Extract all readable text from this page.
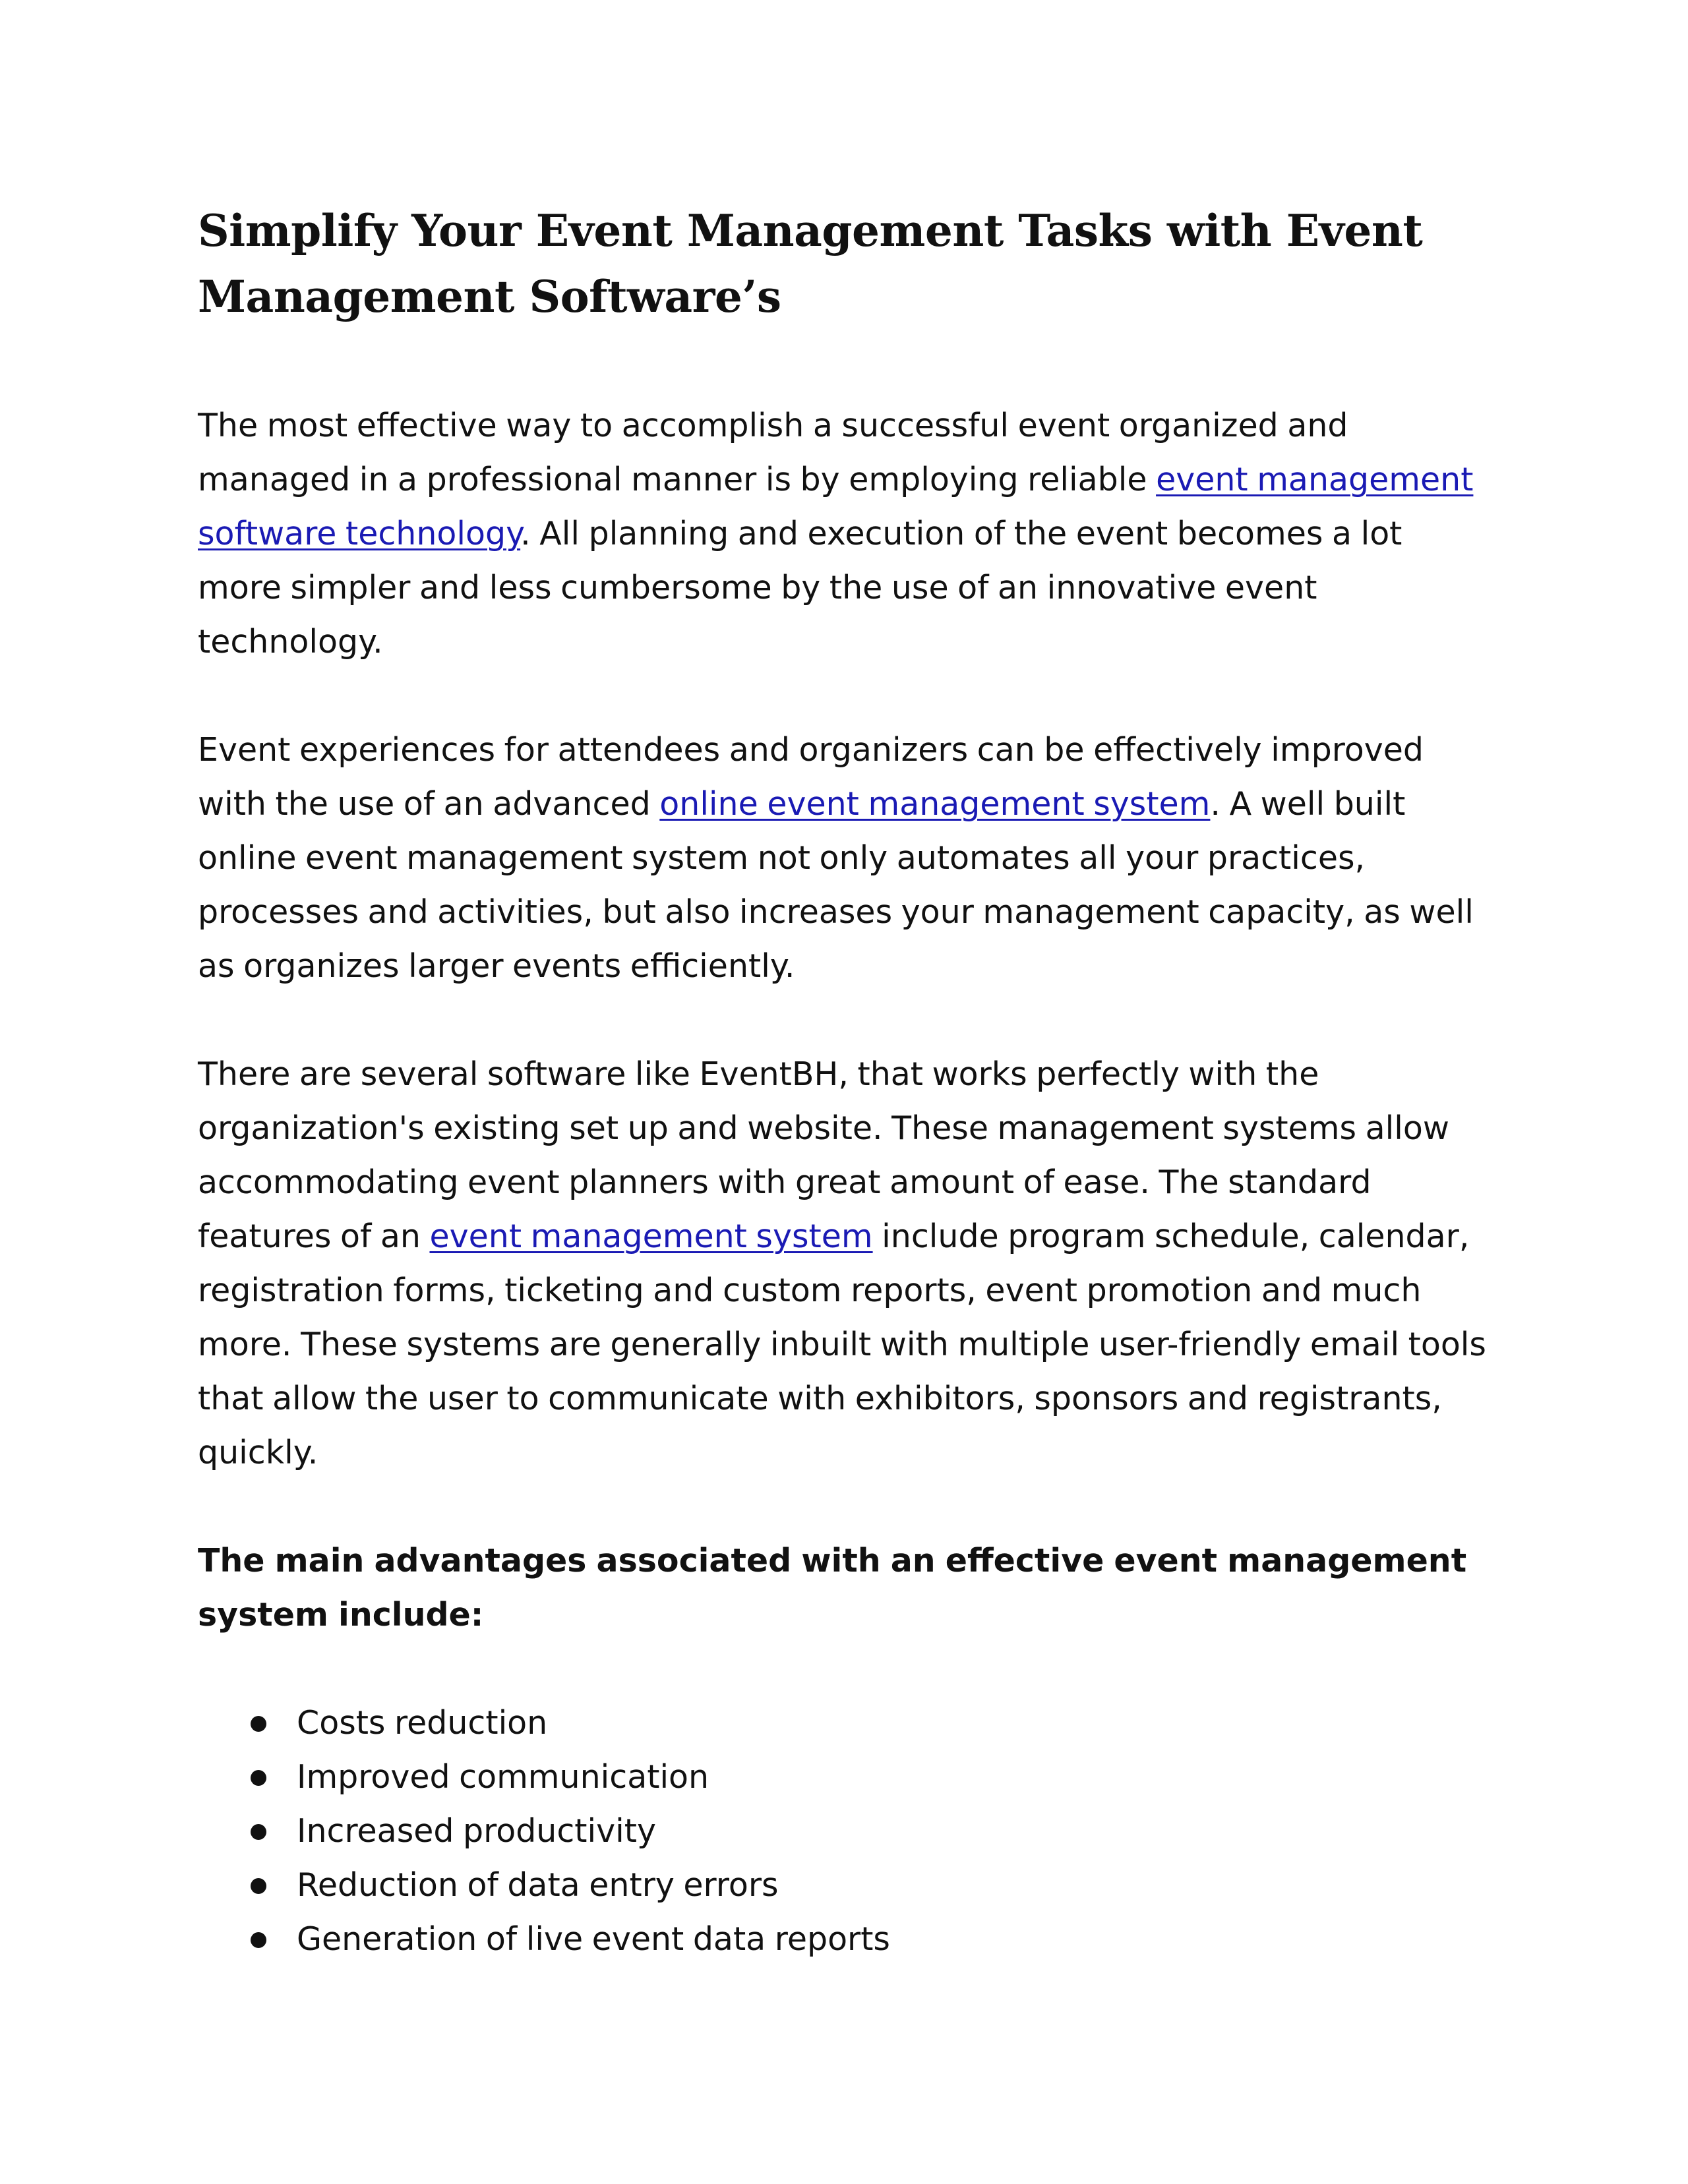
Simplify Your Event Management Tasks with Event Management Software’s

The most effective way to accomplish a successful event organized and managed in a professional manner is by employing reliable event management software technology. All planning and execution of the event becomes a lot more simpler and less cumbersome by the use of an innovative event technology.

Event experiences for attendees and organizers can be effectively improved with the use of an advanced online event management system. A well built online event management system not only automates all your practices, processes and activities, but also increases your management capacity, as well as organizes larger events efficiently.

There are several software like EventBH, that works perfectly with the organization's existing set up and website. These management systems allow accommodating event planners with great amount of ease. The standard features of an event management system include program schedule, calendar, registration forms, ticketing and custom reports, event promotion and much more. These systems are generally inbuilt with multiple user-friendly email tools that allow the user to communicate with exhibitors, sponsors and registrants, quickly.

The main advantages associated with an effective event management system include:

Costs reduction
Improved communication
Increased productivity
Reduction of data entry errors
Generation of live event data reports
